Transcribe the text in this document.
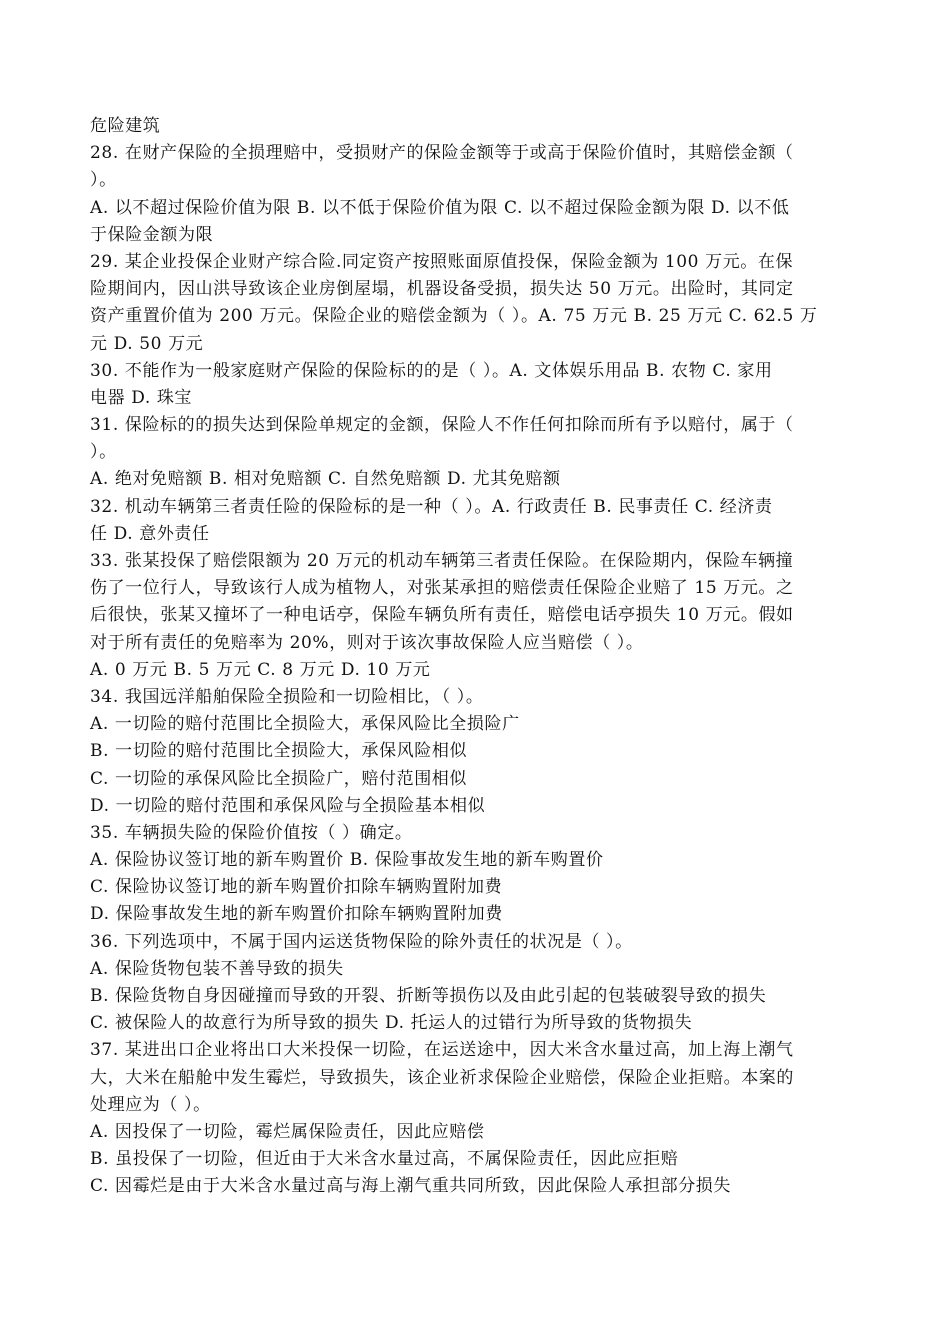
危险建筑
28. 在财产保险的全损理赔中，受损财产的保险金额等于或高于保险价值时，其赔偿金额（
）。
A. 以不超过保险价值为限 B. 以不低于保险价值为限 C. 以不超过保险金额为限 D. 以不低
于保险金额为限
29. 某企业投保企业财产综合险.同定资产按照账面原值投保，保险金额为 100 万元。在保
险期间内，因山洪导致该企业房倒屋塌，机器设备受损，损失达 50 万元。出险时，其同定
资产重置价值为 200 万元。保险企业的赔偿金额为（ ）。A. 75 万元 B. 25 万元 C. 62.5 万
元 D. 50 万元
30. 不能作为一般家庭财产保险的保险标的的是（ ）。A. 文体娱乐用品 B. 农物 C. 家用
电器 D. 珠宝
31. 保险标的的损失达到保险单规定的金额，保险人不作任何扣除而所有予以赔付，属于（
）。
A. 绝对免赔额 B. 相对免赔额 C. 自然免赔额 D. 尤其免赔额
32. 机动车辆第三者责任险的保险标的是一种（ ）。A. 行政责任 B. 民事责任 C. 经济责
任 D. 意外责任
33. 张某投保了赔偿限额为 20 万元的机动车辆第三者责任保险。在保险期内，保险车辆撞
伤了一位行人，导致该行人成为植物人，对张某承担的赔偿责任保险企业赔了 15 万元。之
后很快，张某又撞坏了一种电话亭，保险车辆负所有责任，赔偿电话亭损失 10 万元。假如
对于所有责任的免赔率为 20%，则对于该次事故保险人应当赔偿（ ）。
A. 0 万元 B. 5 万元 C. 8 万元 D. 10 万元
34. 我国远洋船舶保险全损险和一切险相比，（ ）。
A. 一切险的赔付范围比全损险大，承保风险比全损险广
B. 一切险的赔付范围比全损险大，承保风险相似
C. 一切险的承保风险比全损险广，赔付范围相似
D. 一切险的赔付范围和承保风险与全损险基本相似
35. 车辆损失险的保险价值按（ ）确定。
A. 保险协议签订地的新车购置价 B. 保险事故发生地的新车购置价
C. 保险协议签订地的新车购置价扣除车辆购置附加费
D. 保险事故发生地的新车购置价扣除车辆购置附加费
36. 下列选项中，不属于国内运送货物保险的除外责任的状况是（ ）。
A. 保险货物包装不善导致的损失
B. 保险货物自身因碰撞而导致的开裂、折断等损伤以及由此引起的包装破裂导致的损失
C. 被保险人的故意行为所导致的损失 D. 托运人的过错行为所导致的货物损失
37. 某进出口企业将出口大米投保一切险，在运送途中，因大米含水量过高，加上海上潮气
大，大米在船舱中发生霉烂，导致损失，该企业祈求保险企业赔偿，保险企业拒赔。本案的
处理应为（ ）。
A. 因投保了一切险，霉烂属保险责任，因此应赔偿
B. 虽投保了一切险，但近由于大米含水量过高，不属保险责任，因此应拒赔
C. 因霉烂是由于大米含水量过高与海上潮气重共同所致，因此保险人承担部分损失
